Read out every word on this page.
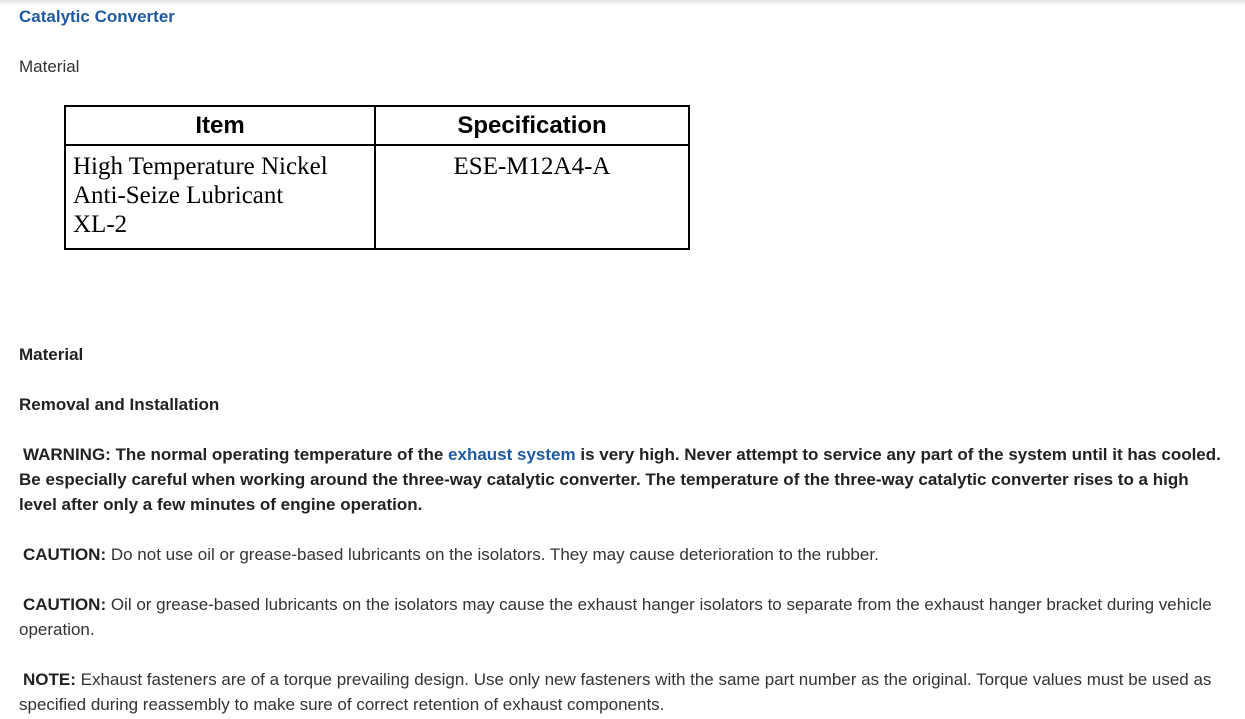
Catalytic Converter
Material
Item	Specification

High Temperature Nickel
Anti-Seize Lubricant
XL-2	ESE-M12A4-A
Material
Removal and Installation
WARNING: The normal operating temperature of the exhaust system is very high. Never attempt to service any part of the system until it has cooled. Be especially careful when working around the three-way catalytic converter. The temperature of the three-way catalytic converter rises to a high level after only a few minutes of engine operation.
CAUTION: Do not use oil or grease-based lubricants on the isolators. They may cause deterioration to the rubber.
CAUTION: Oil or grease-based lubricants on the isolators may cause the exhaust hanger isolators to separate from the exhaust hanger bracket during vehicle operation.
NOTE: Exhaust fasteners are of a torque prevailing design. Use only new fasteners with the same part number as the original. Torque values must be used as specified during reassembly to make sure of correct retention of exhaust components.
